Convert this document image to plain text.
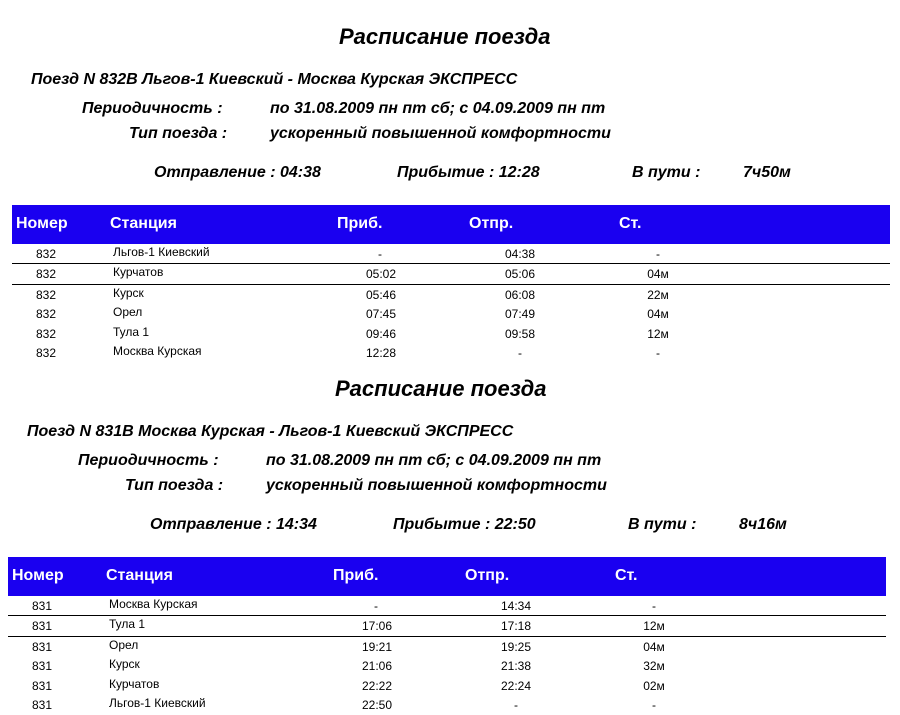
Расписание поезда
Поезд N 832В Льгов-1 Киевский - Москва Курская ЭКСПРЕСС
Периодичность :	по 31.08.2009 пн пт сб; с 04.09.2009 пн пт
Тип поезда :	ускоренный повышенной комфортности
Отправление : 04:38	Прибытие : 12:28	В пути :	7ч50м
Номер	Станция	Приб.	Отпр.	Ст.
832	Льгов-1 Киевский	-	04:38	-
832	Курчатов	05:02	05:06	04м
832	Курск	05:46	06:08	22м
832	Орел	07:45	07:49	04м
832	Тула 1	09:46	09:58	12м
832	Москва Курская	12:28	-	-
Расписание поезда
Поезд N 831В Москва Курская - Льгов-1 Киевский ЭКСПРЕСС
Периодичность :	по 31.08.2009 пн пт сб; с 04.09.2009 пн пт
Тип поезда :	ускоренный повышенной комфортности
Отправление : 14:34	Прибытие : 22:50	В пути :	8ч16м
Номер	Станция	Приб.	Отпр.	Ст.
831	Москва Курская	-	14:34	-
831	Тула 1	17:06	17:18	12м
831	Орел	19:21	19:25	04м
831	Курск	21:06	21:38	32м
831	Курчатов	22:22	22:24	02м
831	Льгов-1 Киевский	22:50	-	-
